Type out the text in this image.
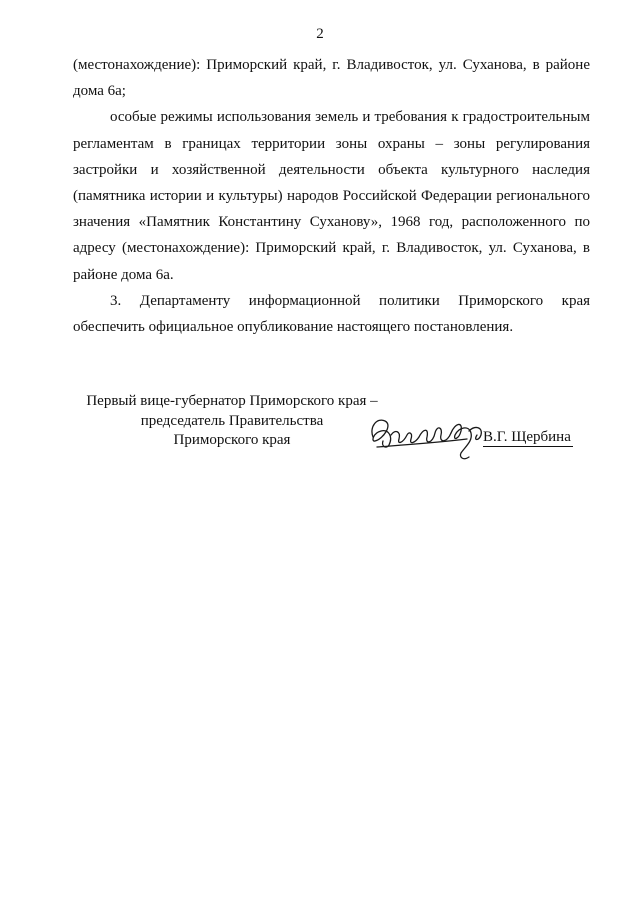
2

(местонахождение): Приморский край, г. Владивосток, ул. Суханова, в районе дома 6а;

особые режимы использования земель и требования к градостроительным регламентам в границах территории зоны охраны – зоны регулирования застройки и хозяйственной деятельности объекта культурного наследия (памятника истории и культуры) народов Российской Федерации регионального значения «Памятник Константину Суханову», 1968 год, расположенного по адресу (местонахождение): Приморский край, г. Владивосток, ул. Суханова, в районе дома 6а.

3. Департаменту информационной политики Приморского края обеспечить официальное опубликование настоящего постановления.

Первый вице-губернатор Приморского края –
председатель Правительства
Приморского края	В.Г. Щербина
